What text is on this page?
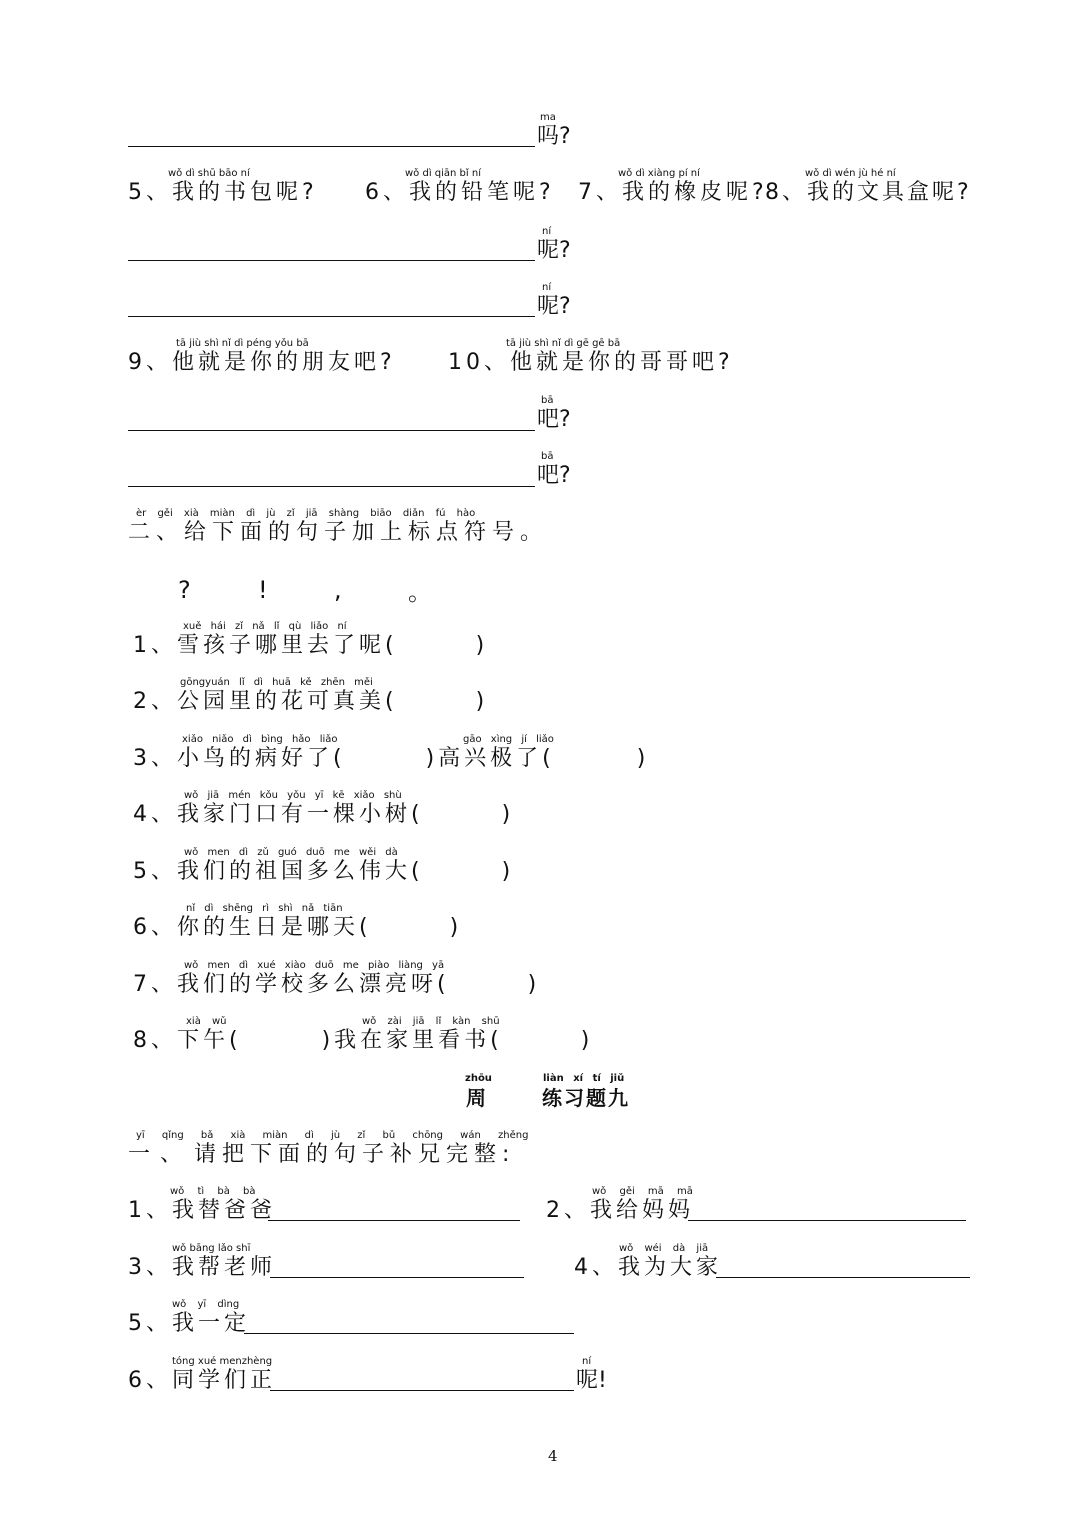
ma
吗?
wǒ dì shū bāo ní
5、我的书包呢?
wǒ dì qiān bǐ ní
6、我的铅笔呢?
wǒ dì xiàng pí ní
7、我的橡皮呢?
wǒ dì wén jù hé ní
8、我的文具盒呢?
ní
呢?
ní
呢?
tā jiù shì nǐ dì péng yǒu bā
9、他就是你的朋友吧?
tā jiù shì nǐ dì gē gē bā
10、他就是你的哥哥吧?
bā
吧?
bā
吧?
èr gěi xià miàn dì jù zǐ jiā shàng biāo diǎn fú hào
二、给下面的句子加上标点符号。
?	!	,	。
xuě hái zǐ nǎ lǐ qù liǎo ní
1、雪孩子哪里去了呢(	)
gōngyuán lǐ dì huā kě zhēn měi
2、公园里的花可真美(	)
xiǎo niǎo dì bìng hǎo liǎo	gāo xìng jí liǎo
3、小鸟的病好了(	)高兴极了(	)
wǒ jiā mén kǒu yǒu yī kē xiǎo shù
4、我家门口有一棵小树(	)
wǒ men dì zǔ guó duō me wěi dà
5、我们的祖国多么伟大(	)
nǐ dì shēng rì shì nǎ tiān
6、你的生日是哪天(	)
wǒ men dì xué xiào duō me piào liàng yā
7、我们的学校多么漂亮呀(	)
xià wǔ	wǒ zài jiā lǐ kàn shū
8、下午(	)我在家里看书(	)
zhōu
周
liàn xí tí jiǔ
练习题九
yī qǐng bǎ xià miàn dì jù zǐ bǔ chōng wán zhěng
一、 请把下面的句子补兄完整:
wǒ tì bà bà
1、我替爸爸
wǒ gěi mā mā
2、我给妈妈
wǒ bāng lǎo shī
3、我帮老师
wǒ wéi dà jiā
4、我为大家
wǒ yī dìng
5、我一定
tóng xué menzhèng
6、同学们正
ní
呢!
4
